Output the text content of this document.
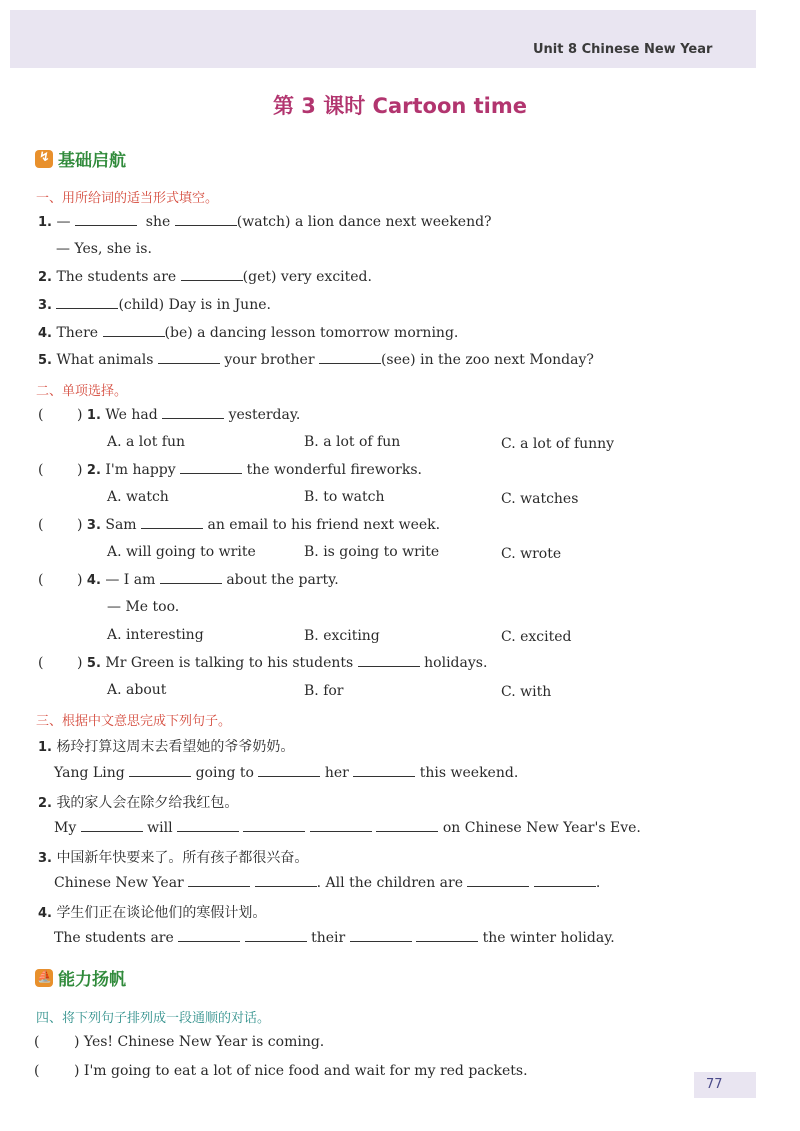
Unit 8 Chinese New Year
第 3 课时 Cartoon time
↯
基础启航
一、用所给词的适当形式填空。
1. —	she	(watch) a lion dance next weekend?
— Yes, she is.
2. The students are	(get) very excited.
3.	(child) Day is in June.
4. There	(be) a dancing lesson tomorrow morning.
5. What animals	your brother	(see) in the zoo next Monday?
二、单项选择。
( ) 1. We had	yesterday.
A. a lot fun	B. a lot of fun	C. a lot of funny
( ) 2. I'm happy	the wonderful fireworks.
A. watch	B. to watch	C. watches
( ) 3. Sam	an email to his friend next week.
A. will going to write	B. is going to write	C. wrote
( ) 4. — I am	about the party.
— Me too.
A. interesting	B. exciting	C. excited
( ) 5. Mr Green is talking to his students	holidays.
A. about	B. for	C. with
三、根据中文意思完成下列句子。
1. 杨玲打算这周末去看望她的爷爷奶奶。
Yang Ling	going to	her	this weekend.
2. 我的家人会在除夕给我红包。
My	will	on Chinese New Year's Eve.
3. 中国新年快要来了。所有孩子都很兴奋。
Chinese New Year	. All the children are	.
4. 学生们正在谈论他们的寒假计划。
The students are	their	the winter holiday.
⛵
能力扬帆
四、将下列句子排列成一段通顺的对话。
( ) Yes! Chinese New Year is coming.
( ) I'm going to eat a lot of nice food and wait for my red packets.
77
